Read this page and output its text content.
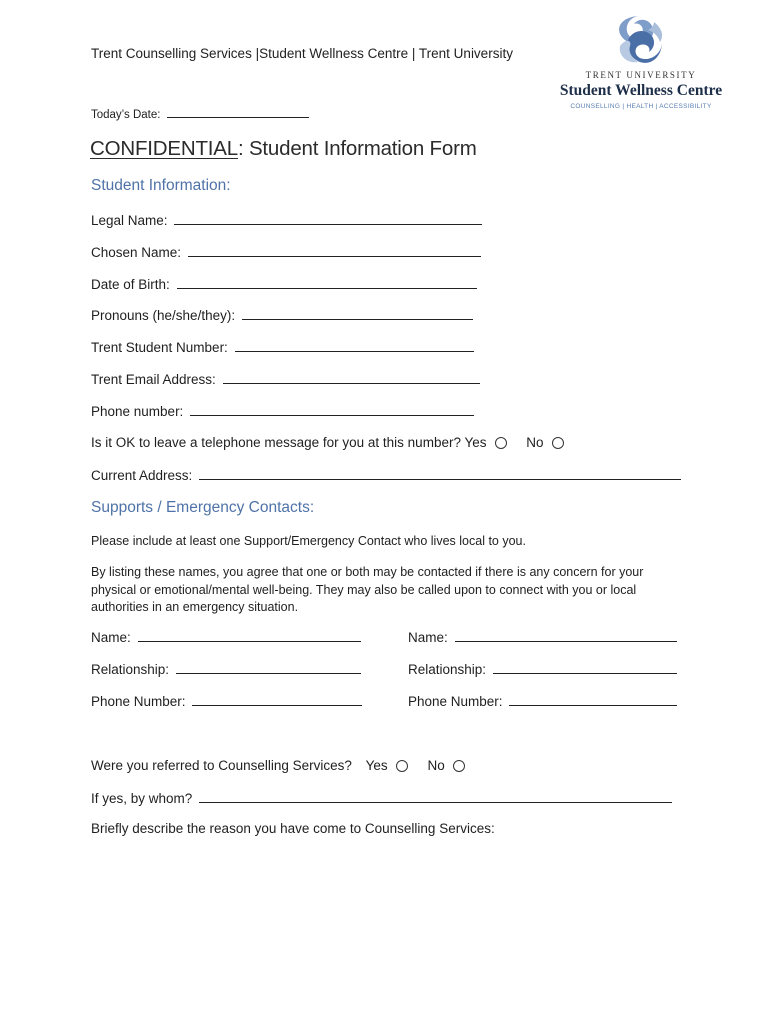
Trent Counselling Services |Student Wellness Centre | Trent University
Today’s Date:
TRENT UNIVERSITY
Student Wellness Centre
COUNSELLING | HEALTH | ACCESSIBILITY
CONFIDENTIAL: Student Information Form
Student Information:
Legal Name:
Chosen Name:
Date of Birth:
Pronouns (he/she/they):
Trent Student Number:
Trent Email Address:
Phone number:
Is it OK to leave a telephone message for you at this number? Yes	No
Current Address:
Supports / Emergency Contacts:
Please include at least one Support/Emergency Contact who lives local to you.
By listing these names, you agree that one or both may be contacted if there is any concern for your physical or emotional/mental well-being. They may also be called upon to connect with you or local authorities in an emergency situation.
Name:
Relationship:
Phone Number:
Name:
Relationship:
Phone Number:
Were you referred to Counselling Services? Yes	No
If yes, by whom?
Briefly describe the reason you have come to Counselling Services:
